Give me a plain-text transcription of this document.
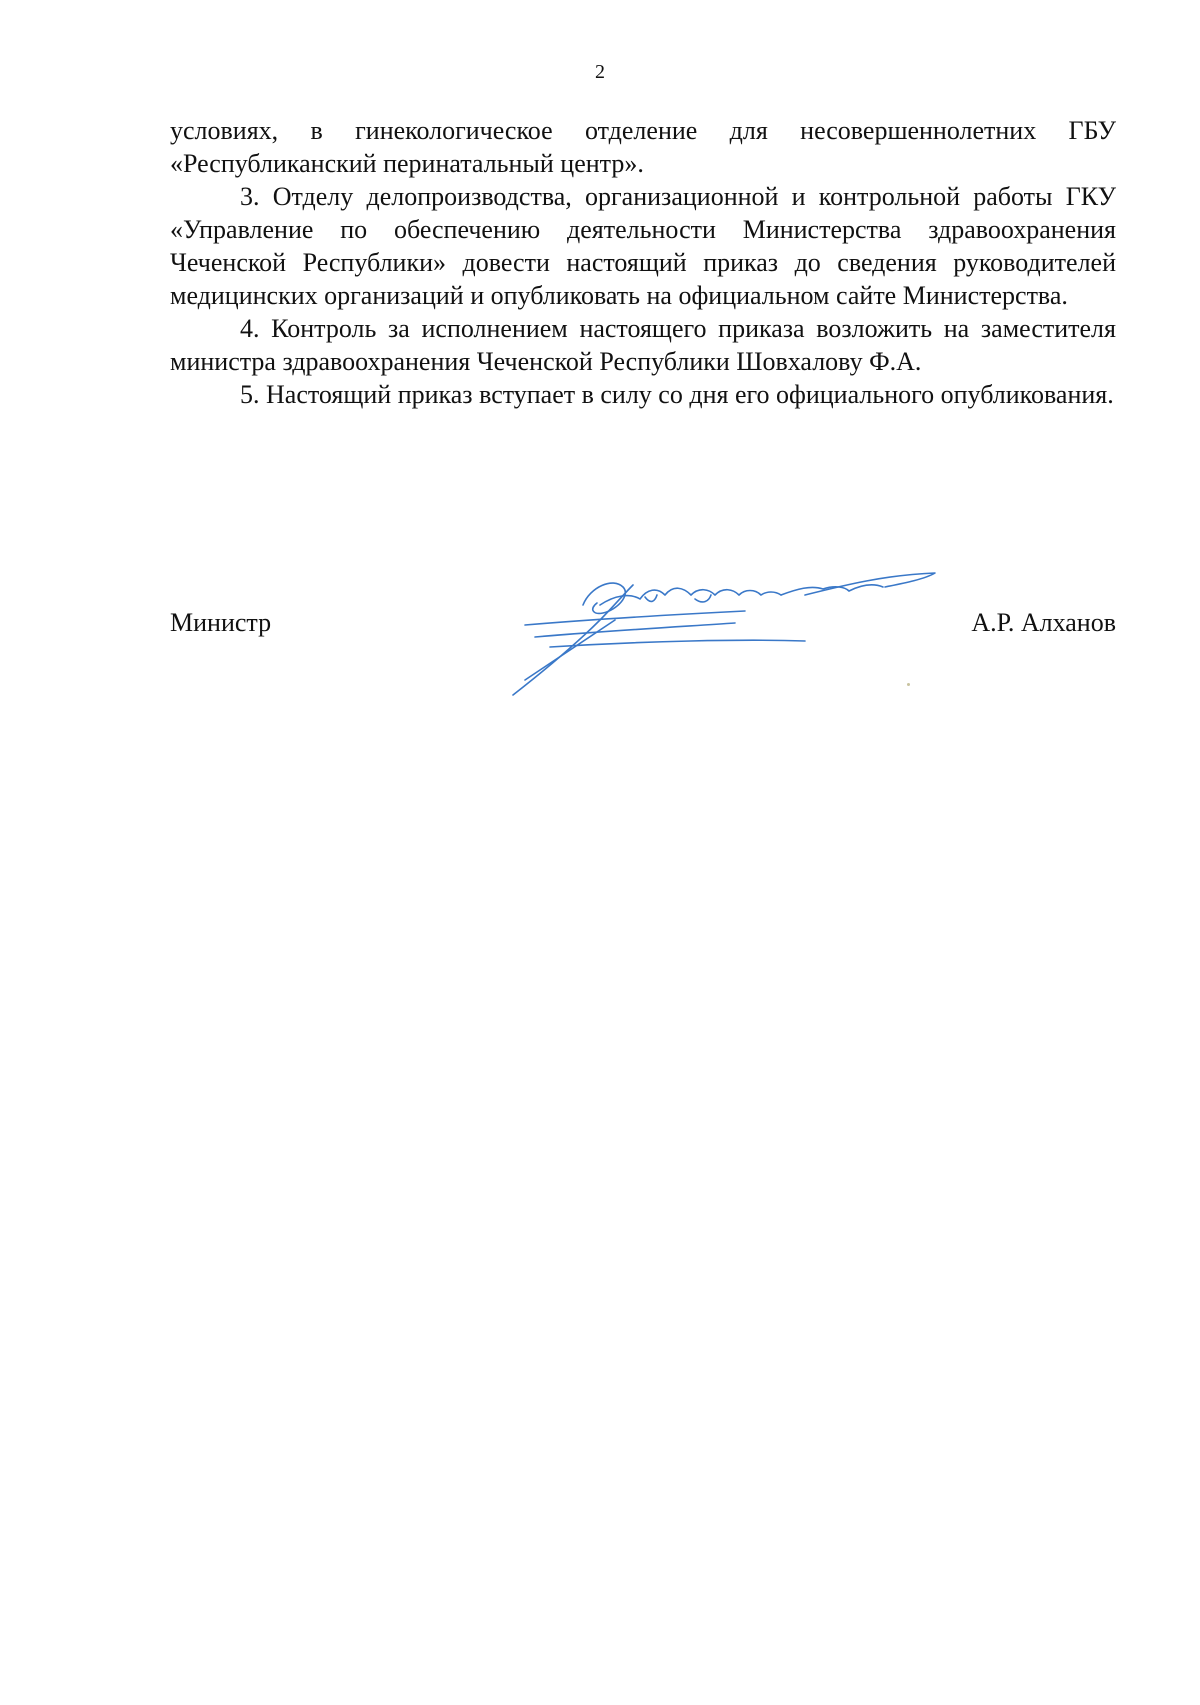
2

условиях, в гинекологическое отделение для несовершеннолетних ГБУ «Республиканский перинатальный центр».

3. Отделу делопроизводства, организационной и контрольной работы ГКУ «Управление по обеспечению деятельности Министерства здравоохранения Чеченской Республики» довести настоящий приказ до сведения руководителей медицинских организаций и опубликовать на официальном сайте Министерства.

4. Контроль за исполнением настоящего приказа возложить на заместителя министра здравоохранения Чеченской Республики Шовхалову Ф.А.

5. Настоящий приказ вступает в силу со дня его официального опубликования.

Министр	А.Р. Алханов
